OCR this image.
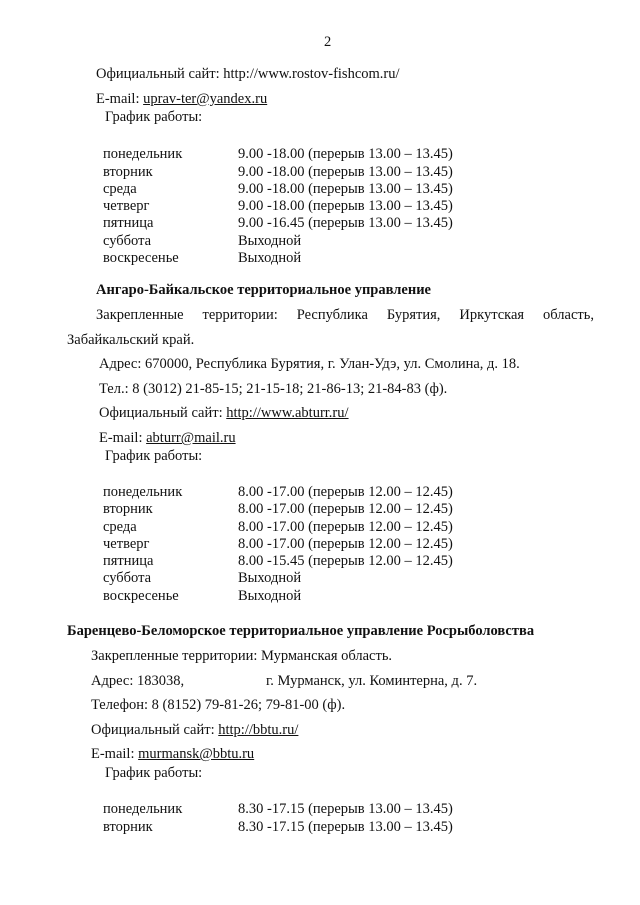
2
Официальный сайт: http://www.rostov-fishcom.ru/
E-mail: uprav-ter@yandex.ru
График работы:
понедельник	9.00 -18.00 (перерыв 13.00 – 13.45)
вторник	9.00 -18.00 (перерыв 13.00 – 13.45)
среда	9.00 -18.00 (перерыв 13.00 – 13.45)
четверг	9.00 -18.00 (перерыв 13.00 – 13.45)
пятница	9.00 -16.45 (перерыв 13.00 – 13.45)
суббота	Выходной
воскресенье	Выходной
Ангаро-Байкальское территориальное управление
Закрепленные территории: Республика Бурятия, Иркутская область,
Забайкальский край.
Адрес: 670000, Республика Бурятия, г. Улан-Удэ, ул. Смолина, д. 18.
Тел.: 8 (3012) 21-85-15; 21-15-18; 21-86-13; 21-84-83 (ф).
Официальный сайт: http://www.abturr.ru/
E-mail: abturr@mail.ru
График работы:
понедельник	8.00 -17.00 (перерыв 12.00 – 12.45)
вторник	8.00 -17.00 (перерыв 12.00 – 12.45)
среда	8.00 -17.00 (перерыв 12.00 – 12.45)
четверг	8.00 -17.00 (перерыв 12.00 – 12.45)
пятница	8.00 -15.45 (перерыв 12.00 – 12.45)
суббота	Выходной
воскресенье	Выходной
Баренцево-Беломорское территориальное управление Росрыболовства
Закрепленные территории: Мурманская область.
Адрес: 183038,	г. Мурманск, ул. Коминтерна, д. 7.
Телефон: 8 (8152) 79-81-26; 79-81-00 (ф).
Официальный сайт: http://bbtu.ru/
E-mail: murmansk@bbtu.ru
График работы:
понедельник	8.30 -17.15 (перерыв 13.00 – 13.45)
вторник	8.30 -17.15 (перерыв 13.00 – 13.45)
